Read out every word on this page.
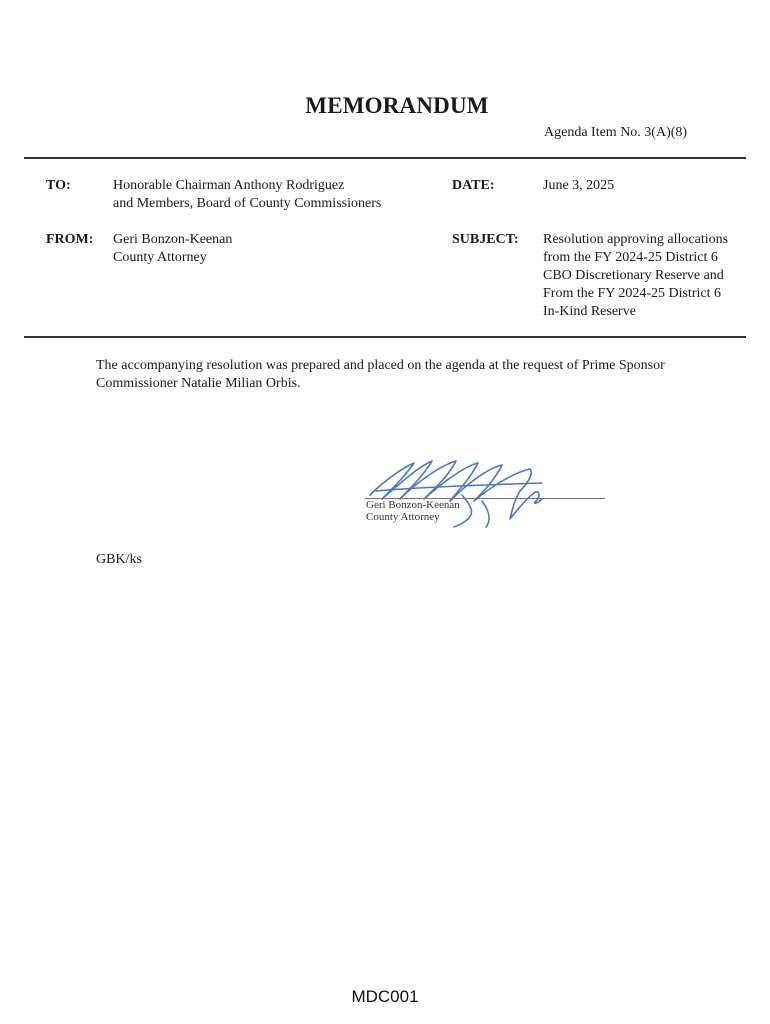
MEMORANDUM
Agenda Item No. 3(A)(8)
TO:	Honorable Chairman Anthony Rodriguez
and Members, Board of County Commissioners
DATE:	June 3, 2025
FROM: Geri Bonzon-Keenan
County Attorney
SUBJECT: Resolution approving allocations
from the FY 2024-25 District 6
CBO Discretionary Reserve and
From the FY 2024-25 District 6
In-Kind Reserve
The accompanying resolution was prepared and placed on the agenda at the request of Prime Sponsor
Commissioner Natalie Milian Orbis.
Geri Bonzon-Keenan
County Attorney
GBK/ks
MDC001
